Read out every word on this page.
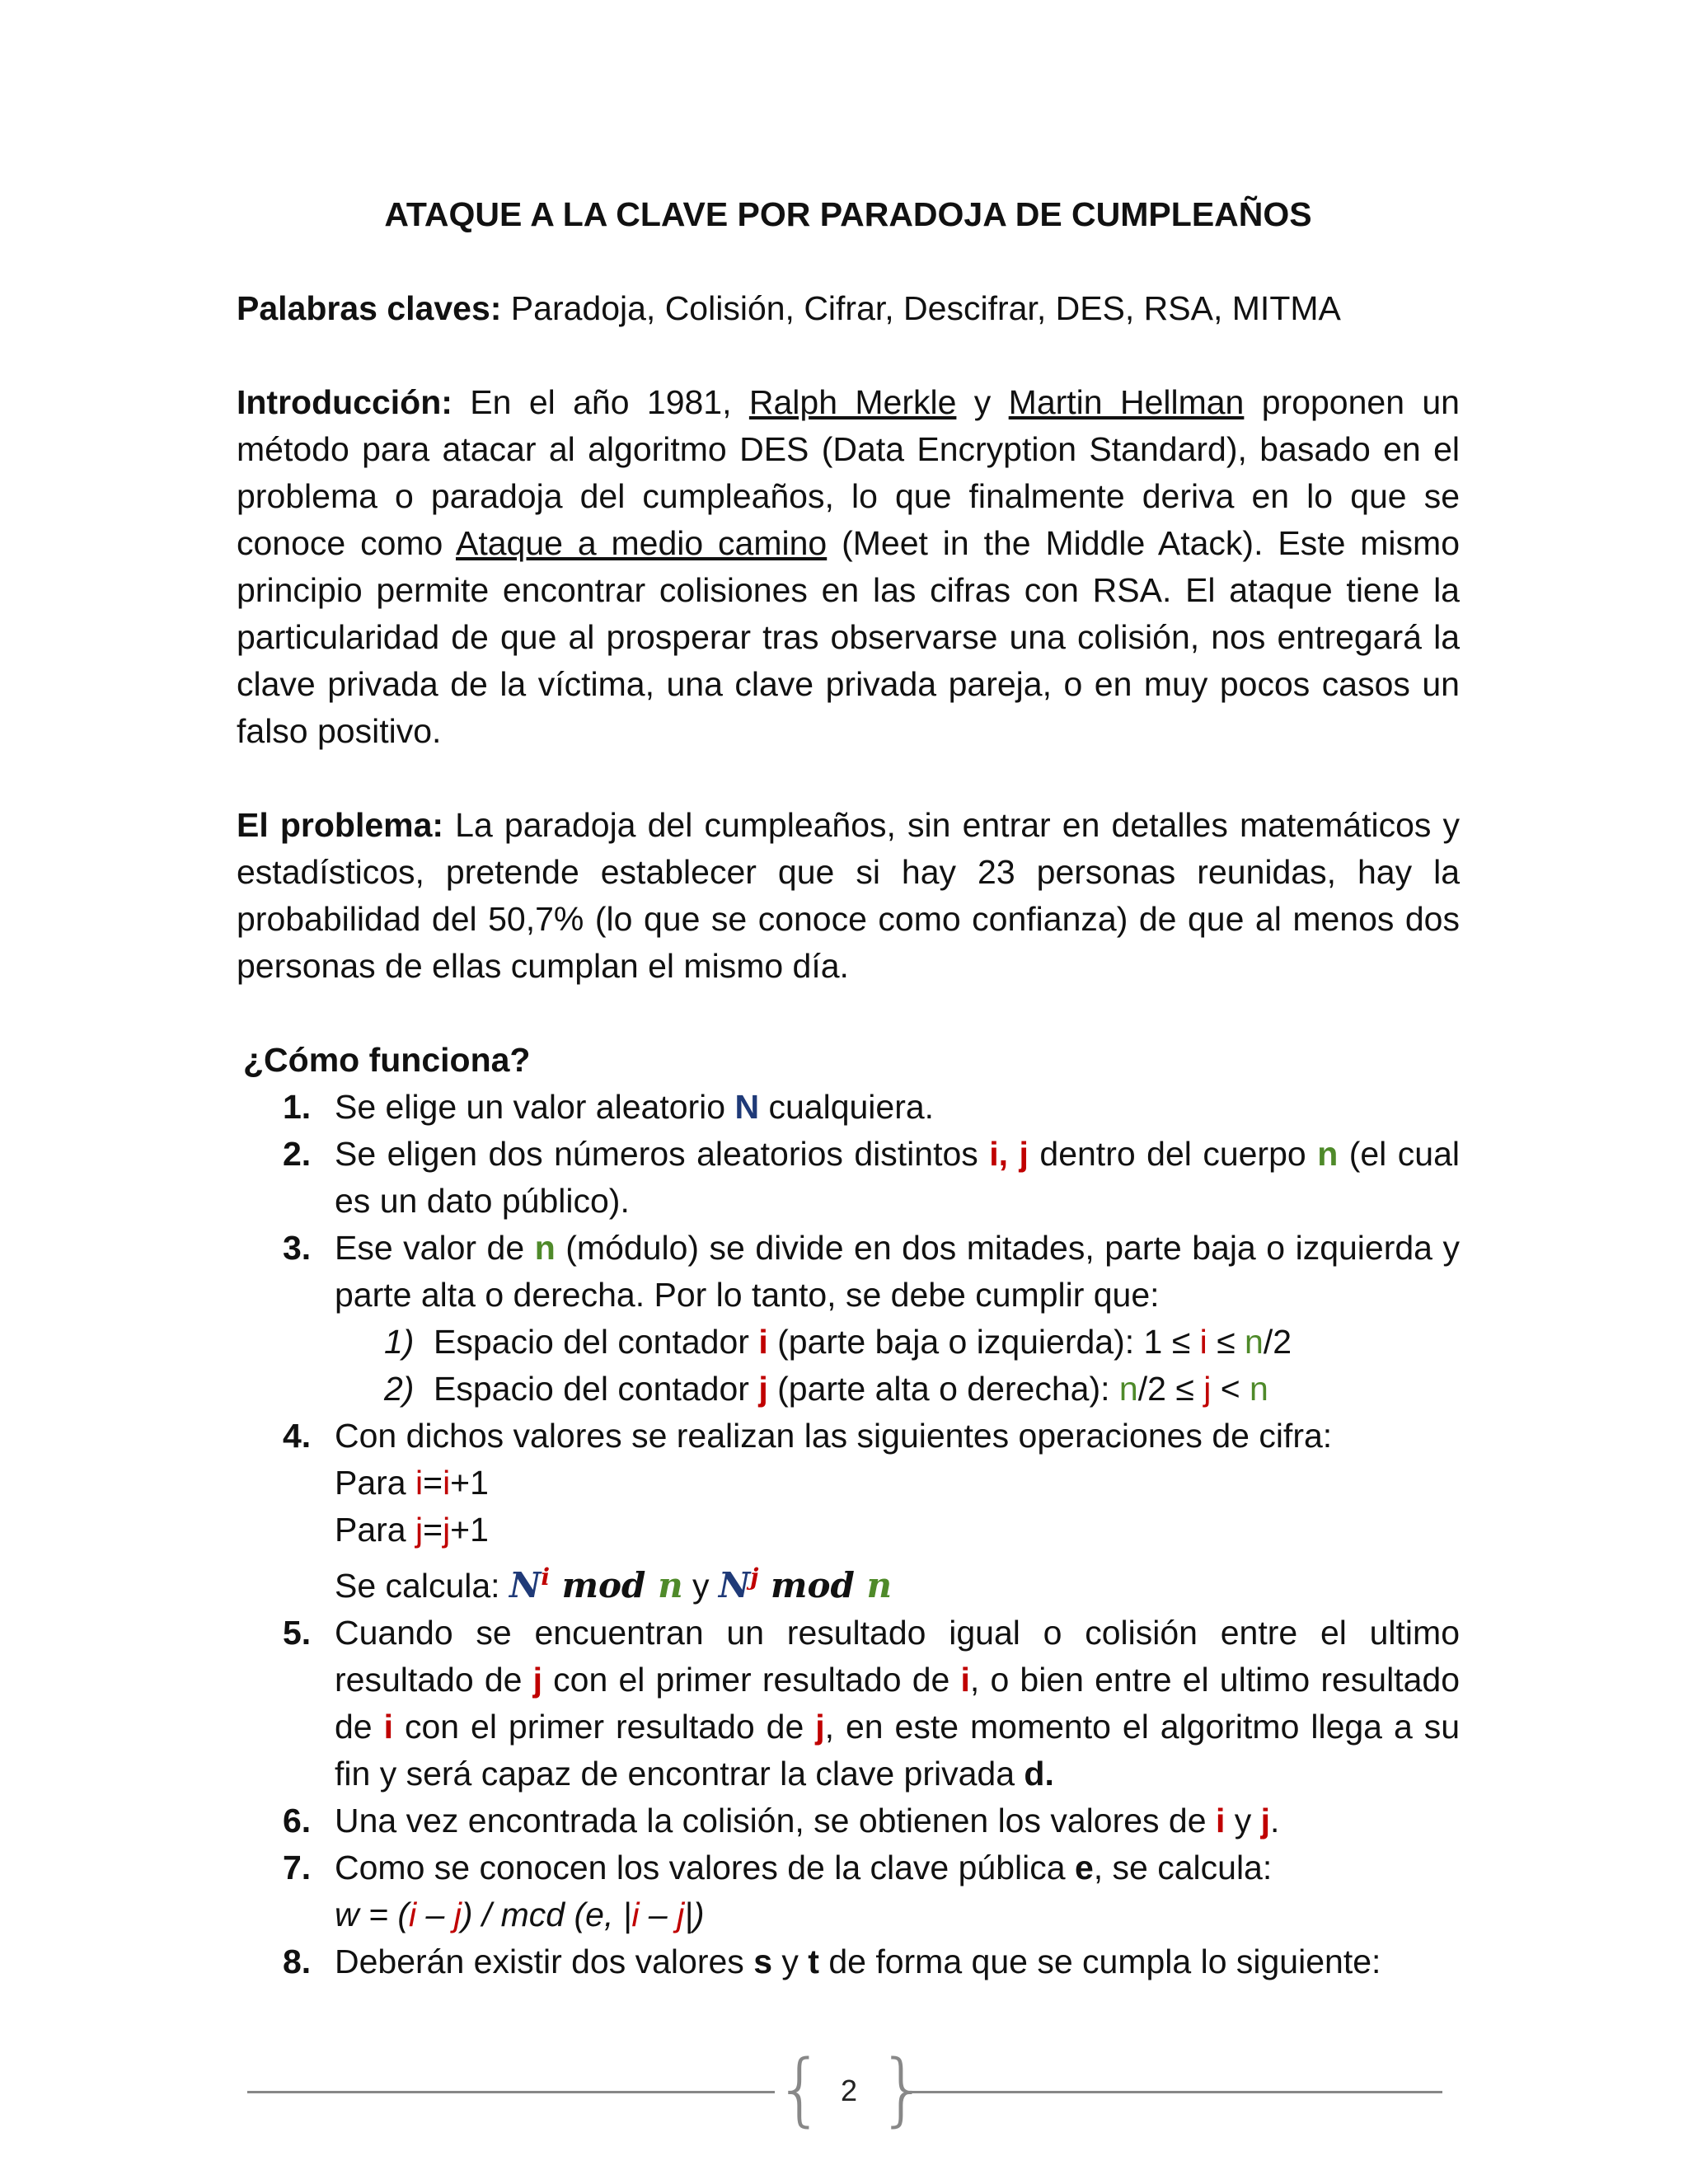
ATAQUE A LA CLAVE POR PARADOJA DE CUMPLEAÑOS

Palabras claves: Paradoja, Colisión, Cifrar, Descifrar, DES, RSA, MITMA

Introducción: En el año 1981, Ralph Merkle y Martin Hellman proponen un método para atacar al algoritmo DES (Data Encryption Standard), basado en el problema o paradoja del cumpleaños, lo que finalmente deriva en lo que se conoce como Ataque a medio camino (Meet in the Middle Atack). Este mismo principio permite encontrar colisiones en las cifras con RSA. El ataque tiene la particularidad de que al prosperar tras observarse una colisión, nos entregará la clave privada de la víctima, una clave privada pareja, o en muy pocos casos un falso positivo.

El problema: La paradoja del cumpleaños, sin entrar en detalles matemáticos y estadísticos, pretende establecer que si hay 23 personas reunidas, hay la probabilidad del 50,7% (lo que se conoce como confianza) de que al menos dos personas de ellas cumplan el mismo día.

¿Cómo funciona?

1. Se elige un valor aleatorio N cualquiera.
2. Se eligen dos números aleatorios distintos i, j dentro del cuerpo n (el cual es un dato público).
3. Ese valor de n (módulo) se divide en dos mitades, parte baja o izquierda y parte alta o derecha. Por lo tanto, se debe cumplir que:
1) Espacio del contador i (parte baja o izquierda): 1 ≤ i ≤ n/2
2) Espacio del contador j (parte alta o derecha): n/2 ≤ j < n
4. Con dichos valores se realizan las siguientes operaciones de cifra:
Para i=i+1
Para j=j+1
Se calcula: $N^i$ mod n y $N^j$ mod n
5. Cuando se encuentran un resultado igual o colisión entre el ultimo resultado de j con el primer resultado de i, o bien entre el ultimo resultado de i con el primer resultado de j, en este momento el algoritmo llega a su fin y será capaz de encontrar la clave privada d.
6. Una vez encontrada la colisión, se obtienen los valores de i y j.
7. Como se conocen los valores de la clave pública e, se calcula:
w = (i – j) / mcd (e, |i – j|)
8. Deberán existir dos valores s y t de forma que se cumpla lo siguiente:
{ 2 }
